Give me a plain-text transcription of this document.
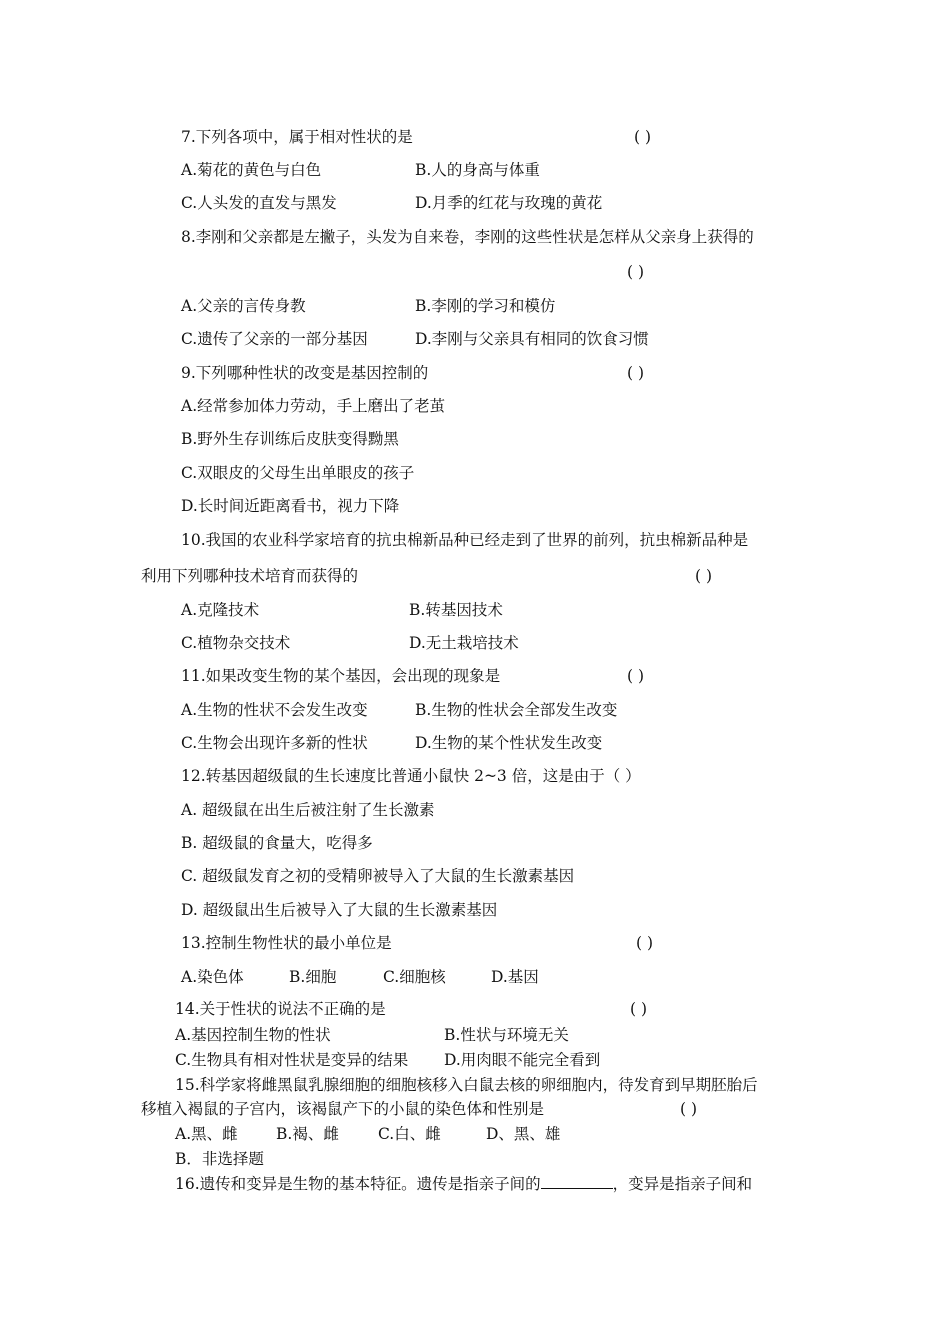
7.下列各项中，属于相对性状的是	( )
A.菊花的黄色与白色	B.人的身高与体重
C.人头发的直发与黑发	D.月季的红花与玫瑰的黄花
8.李刚和父亲都是左撇子，头发为自来卷，李刚的这些性状是怎样从父亲身上获得的
( )
A.父亲的言传身教	B.李刚的学习和模仿
C.遗传了父亲的一部分基因	D.李刚与父亲具有相同的饮食习惯
9.下列哪种性状的改变是基因控制的	( )
A.经常参加体力劳动，手上磨出了老茧
B.野外生存训练后皮肤变得黝黑
C.双眼皮的父母生出单眼皮的孩子
D.长时间近距离看书，视力下降
10.我国的农业科学家培育的抗虫棉新品种已经走到了世界的前列，抗虫棉新品种是
利用下列哪种技术培育而获得的	( )
A.克隆技术	B.转基因技术
C.植物杂交技术	D.无土栽培技术
11.如果改变生物的某个基因，会出现的现象是	( )
A.生物的性状不会发生改变	B.生物的性状会全部发生改变
C.生物会出现许多新的性状	D.生物的某个性状发生改变
12.转基因超级鼠的生长速度比普通小鼠快 2~3 倍，这是由于（ ）
A. 超级鼠在出生后被注射了生长激素
B. 超级鼠的食量大，吃得多
C. 超级鼠发育之初的受精卵被导入了大鼠的生长激素基因
D. 超级鼠出生后被导入了大鼠的生长激素基因
13.控制生物性状的最小单位是	( )
A.染色体	B.细胞	C.细胞核	D.基因
14.关于性状的说法不正确的是	( )
A.基因控制生物的性状	B.性状与环境无关
C.生物具有相对性状是变异的结果 D.用肉眼不能完全看到
15.科学家将雌黑鼠乳腺细胞的细胞核移入白鼠去核的卵细胞内，待发育到早期胚胎后
移植入褐鼠的子宫内，该褐鼠产下的小鼠的染色体和性别是	( )
A.黑、雌 B.褐、雌	C.白、雌	D、黑、雄
B．非选择题
16.遗传和变异是生物的基本特征。遗传是指亲子间的	，变异是指亲子间和
